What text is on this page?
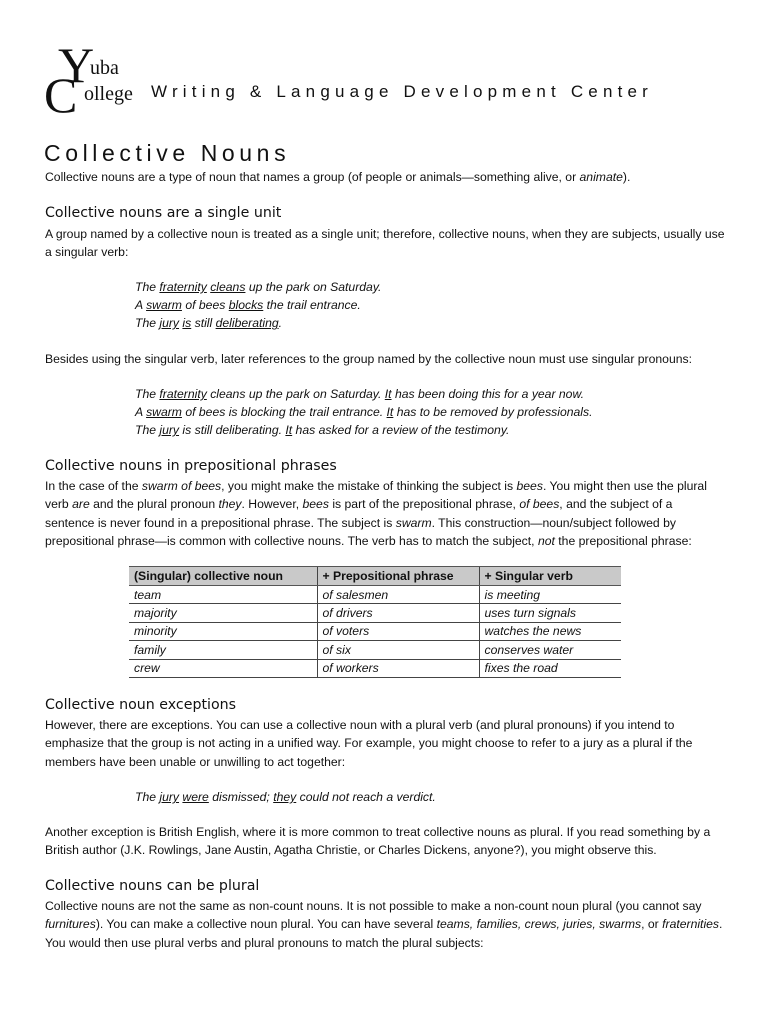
Y
uba
C ollege Writing & Language Development Center
Collective Nouns

Collective nouns are a type of noun that names a group (of people or animals—something alive, or animate).

Collective nouns are a single unit

A group named by a collective noun is treated as a single unit; therefore, collective nouns, when they are subjects, usually use a singular verb:

The fraternity cleans up the park on Saturday.
A swarm of bees blocks the trail entrance.
The jury is still deliberating.

Besides using the singular verb, later references to the group named by the collective noun must use singular pronouns:

The fraternity cleans up the park on Saturday. It has been doing this for a year now.
A swarm of bees is blocking the trail entrance. It has to be removed by professionals.
The jury is still deliberating. It has asked for a review of the testimony.
Collective nouns in prepositional phrases

In the case of the swarm of bees, you might make the mistake of thinking the subject is bees. You might then use the plural verb are and the plural pronoun they. However, bees is part of the prepositional phrase, of bees, and the subject of a sentence is never found in a prepositional phrase. The subject is swarm. This construction—noun/subject followed by prepositional phrase—is common with collective nouns. The verb has to match the subject, not the prepositional phrase:

(Singular) collective noun	+ Prepositional phrase	+ Singular verb
team	of salesmen	is meeting
majority	of drivers	uses turn signals
minority	of voters	watches the news
family	of six	conserves water
crew	of workers	fixes the road
Collective noun exceptions

However, there are exceptions. You can use a collective noun with a plural verb (and plural pronouns) if you intend to emphasize that the group is not acting in a unified way. For example, you might choose to refer to a jury as a plural if the members have been unable or unwilling to act together:

The jury were dismissed; they could not reach a verdict.

Another exception is British English, where it is more common to treat collective nouns as plural. If you read something by a British author (J.K. Rowlings, Jane Austin, Agatha Christie, or Charles Dickens, anyone?), you might observe this.

Collective nouns can be plural

Collective nouns are not the same as non-count nouns. It is not possible to make a non-count noun plural (you cannot say furnitures). You can make a collective noun plural. You can have several teams, families, crews, juries, swarms, or fraternities. You would then use plural verbs and plural pronouns to match the plural subjects:
